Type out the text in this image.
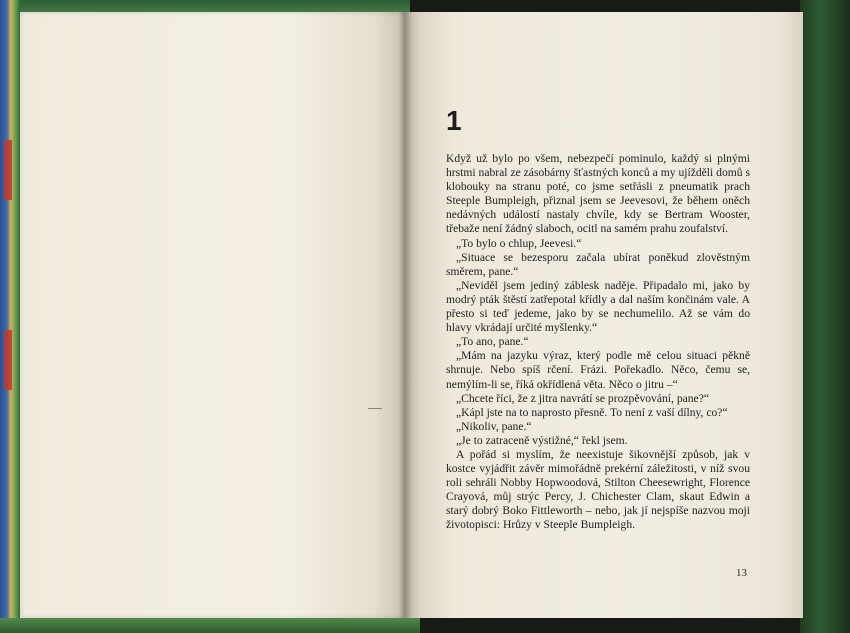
1

Když už bylo po všem, nebezpečí pominulo, každý si plnými hrstmi nabral ze zásobárny šťastných konců a my ujížděli domů s klobouky na stranu poté, co jsme setřásli z pneumatik prach Steeple Bumpleigh, přiznal jsem se Jeevesovi, že během oněch nedávných událostí nastaly chvíle, kdy se Bertram Wooster, třebaže není žádný slaboch, ocitl na samém prahu zoufalství.

„To bylo o chlup, Jeevesi.“

„Situace se bezesporu začala ubírat poněkud zlověstným směrem, pane.“

„Neviděl jsem jediný záblesk naděje. Připadalo mi, jako by modrý pták štěstí zatřepotal křídly a dal naším končinám vale. A přesto si teď jedeme, jako by se nechumelilo. Až se vám do hlavy vkrádají určité myšlenky.“

„To ano, pane.“

„Mám na jazyku výraz, který podle mě celou situaci pěkně shrnuje. Nebo spíš rčení. Frázi. Pořekadlo. Něco, čemu se, nemýlím-li se, říká okřídlená věta. Něco o jitru –“

„Chcete říci, že z jitra navrátí se prozpěvování, pane?“

„Kápl jste na to naprosto přesně. To není z vaší dílny, co?“

„Nikoliv, pane.“

„Je to zatraceně výstižné,“ řekl jsem.

A pořád si myslím, že neexistuje šikovnější způsob, jak v kostce vyjádřit závěr mimořádně prekérní záležitosti, v níž svou roli sehráli Nobby Hopwoodová, Stilton Cheesewright, Florence Crayová, můj strýc Percy, J. Chichester Clam, skaut Edwin a starý dobrý Boko Fittleworth – nebo, jak jí nejspíše nazvou moji životopisci: Hrůzy v Steeple Bumpleigh.

13
